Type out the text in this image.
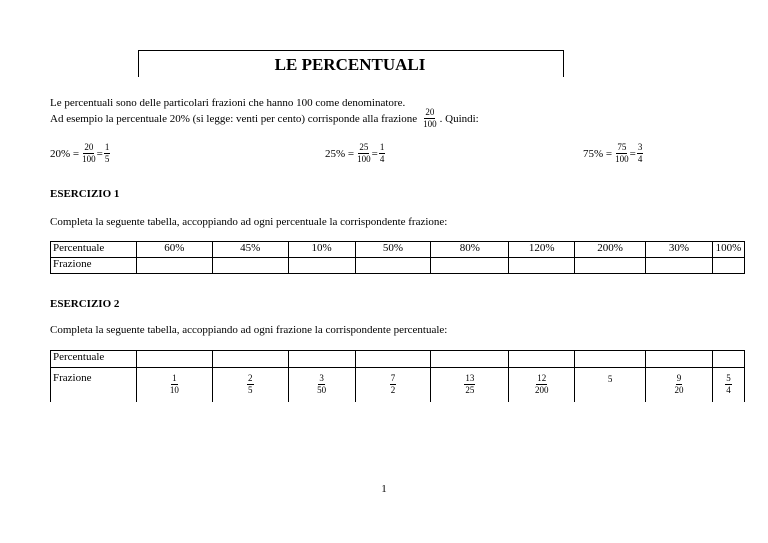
LE PERCENTUALI
Le percentuali sono delle particolari frazioni che hanno 100 come denominatore.
Ad esempio la percentuale 20% (si legge: venti per cento) corrisponde alla frazione $\frac{20}{100}$ . Quindi:
$20\% = \frac{20}{100} = \frac{1}{5}$	$25\% = \frac{25}{100} = \frac{1}{4}$	$75\% = \frac{75}{100} = \frac{3}{4}$
ESERCIZIO 1
Completa la seguente tabella, accoppiando ad ogni percentuale la corrispondente frazione:
Percentuale	60%	45%	10%	50%	80%	120%	200%	30%	100%
Frazione									
ESERCIZIO 2
Completa la seguente tabella, accoppiando ad ogni frazione la corrispondente percentuale:
Percentuale									
Frazione	$\frac{1}{10}$	$\frac{2}{5}$	$\frac{3}{50}$	$\frac{7}{2}$	$\frac{13}{25}$	$\frac{12}{200}$	5	$\frac{9}{20}$	$\frac{5}{4}$
1
